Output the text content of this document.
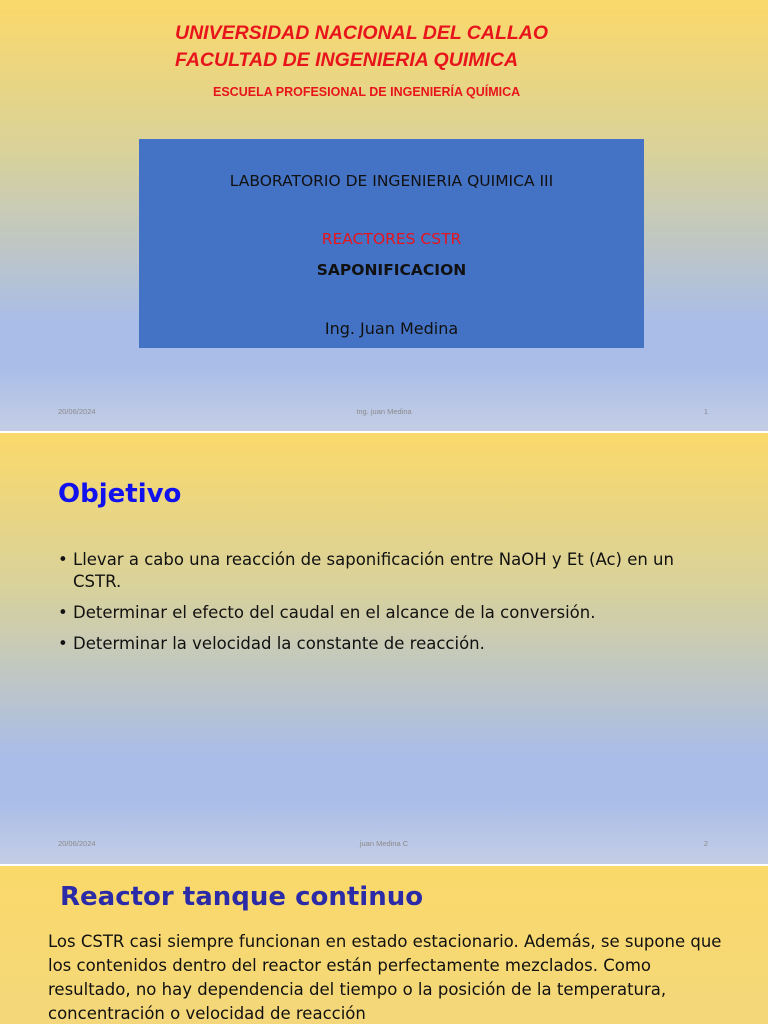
UNIVERSIDAD NACIONAL DEL CALLAO

FACULTAD DE INGENIERIA QUIMICA

ESCUELA PROFESIONAL DE INGENIERÍA QUÍMICA

LABORATORIO DE INGENIERIA QUIMICA III

REACTORES CSTR

SAPONIFICACION

Ing. Juan Medina

20/06/2024	Ing. juan Medina	1

Objetivo
• Llevar a cabo una reacción de saponificación entre NaOH y Et (Ac) en un CSTR.
• Determinar el efecto del caudal en el alcance de la conversión.
• Determinar la velocidad la constante de reacción.

20/06/2024	juan Medina C	2

Reactor tanque continuo

Los CSTR casi siempre funcionan en estado estacionario. Además, se supone que los contenidos dentro del reactor están perfectamente mezclados. Como resultado, no hay dependencia del tiempo o la posición de la temperatura, concentración o velocidad de reacción
